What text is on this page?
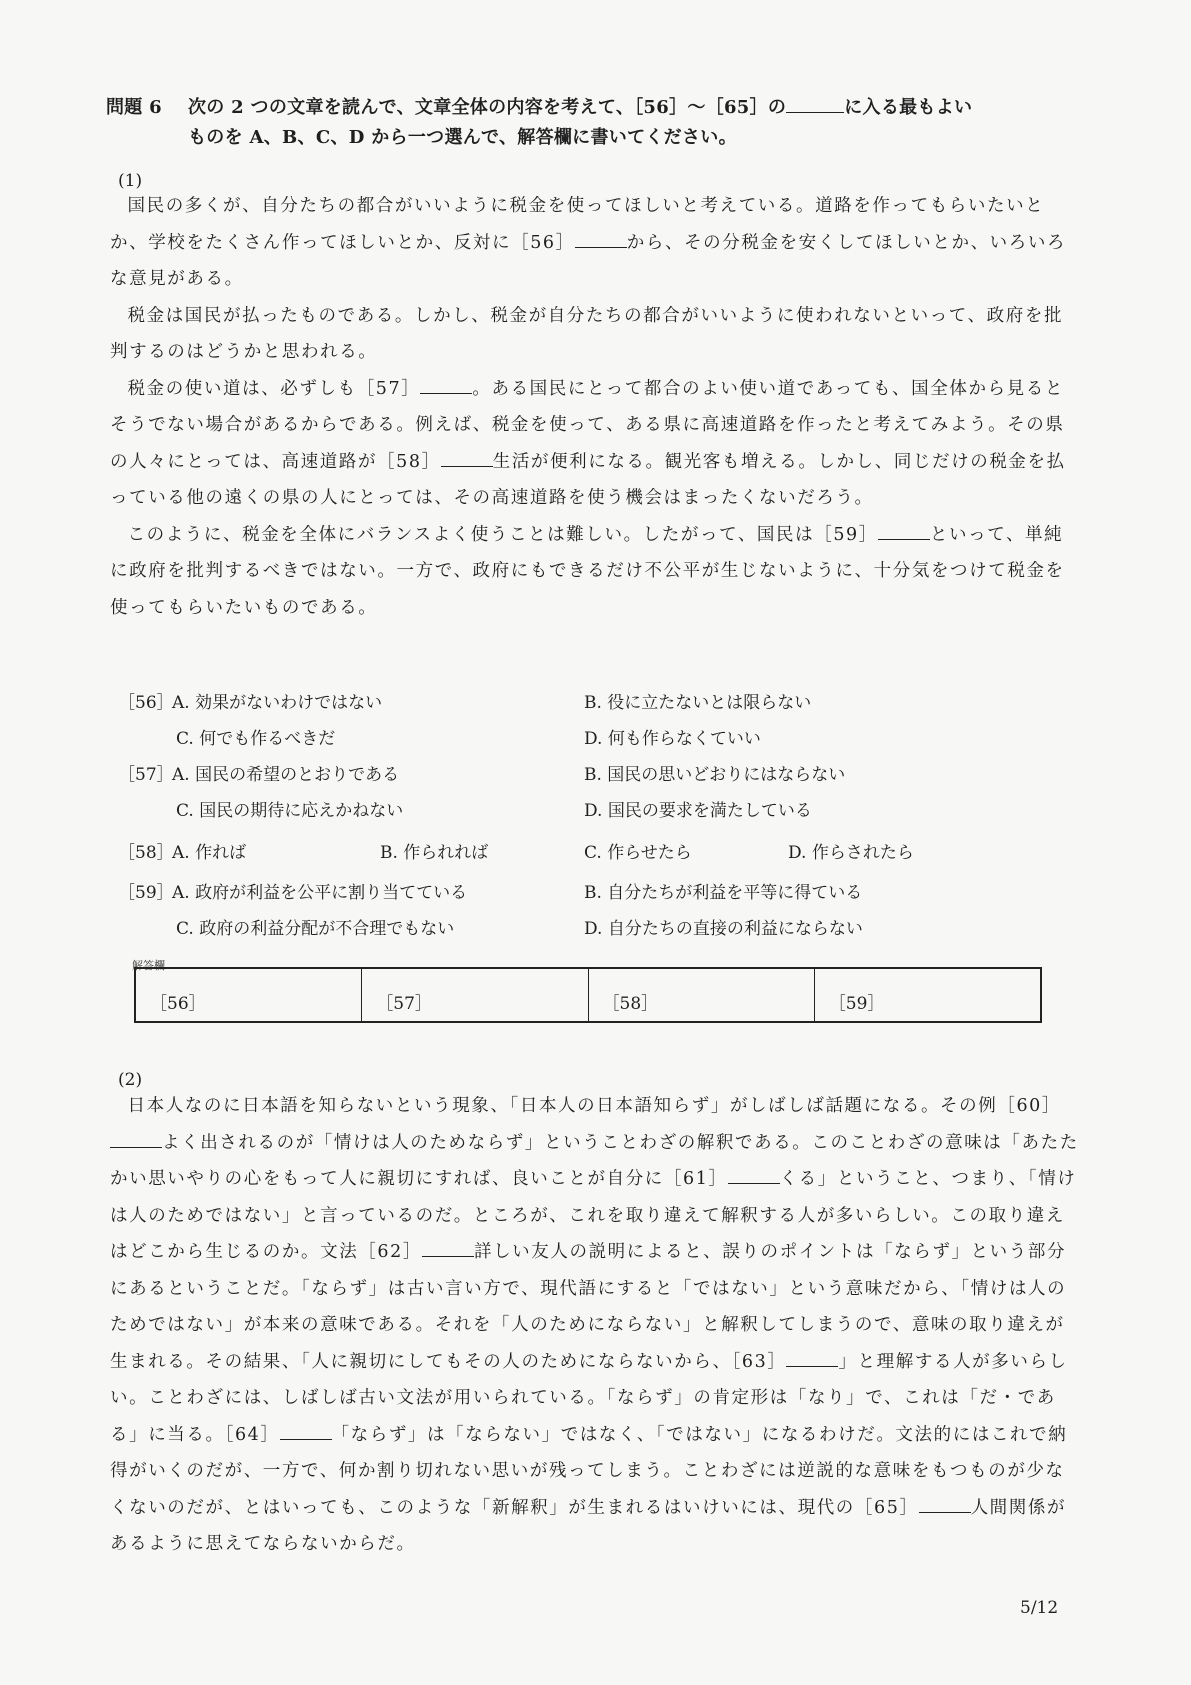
問題 6 次の 2 つの文章を読んで、文章全体の内容を考えて、［56］～［65］の	に入る最もよい
ものを A、B、C、D から一つ選んで、解答欄に書いてください。
(1)

国民の多くが、自分たちの都合がいいように税金を使ってほしいと考えている。道路を作ってもらいたいとか、学校をたくさん作ってほしいとか、反対に［56］	から、その分税金を安くしてほしいとか、いろいろな意見がある。

税金は国民が払ったものである。しかし、税金が自分たちの都合がいいように使われないといって、政府を批判するのはどうかと思われる。

税金の使い道は、必ずしも［57］	。ある国民にとって都合のよい使い道であっても、国全体から見るとそうでない場合があるからである。例えば、税金を使って、ある県に高速道路を作ったと考えてみよう。その県の人々にとっては、高速道路が［58］	生活が便利になる。観光客も増える。しかし、同じだけの税金を払っている他の遠くの県の人にとっては、その高速道路を使う機会はまったくないだろう。

このように、税金を全体にバランスよく使うことは難しい。したがって、国民は［59］	といって、単純に政府を批判するべきではない。一方で、政府にもできるだけ不公平が生じないように、十分気をつけて税金を使ってもらいたいものである。

［56］
A. 効果がないわけではない	B. 役に立たないとは限らない
C. 何でも作るべきだ	D. 何も作らなくていい
［57］
A. 国民の希望のとおりである	B. 国民の思いどおりにはならない
C. 国民の期待に応えかねない	D. 国民の要求を満たしている
［58］
A. 作れば	B. 作られれば	C. 作らせたら	D. 作らされたら
［59］
A. 政府が利益を公平に割り当てている	B. 自分たちが利益を平等に得ている
C. 政府の利益分配が不合理でもない	D. 自分たちの直接の利益にならない
解答欄
［56］	［57］	［58］	［59］
(2)

日本人なのに日本語を知らないという現象、「日本人の日本語知らず」がしばしば話題になる。その例［60］よく出されるのが「情けは人のためならず」ということわざの解釈である。このことわざの意味は「あたたかい思いやりの心をもって人に親切にすれば、良いことが自分に［61］	くる」ということ、つまり、「情けは人のためではない」と言っているのだ。ところが、これを取り違えて解釈する人が多いらしい。この取り違えはどこから生じるのか。文法［62］	詳しい友人の説明によると、誤りのポイントは「ならず」という部分にあるということだ。「ならず」は古い言い方で、現代語にすると「ではない」という意味だから、「情けは人のためではない」が本来の意味である。それを「人のためにならない」と解釈してしまうので、意味の取り違えが生まれる。その結果、「人に親切にしてもその人のためにならないから、［63］	」と理解する人が多いらしい。ことわざには、しばしば古い文法が用いられている。「ならず」の肯定形は「なり」で、これは「だ・である」に当る。［64］	「ならず」は「ならない」ではなく、「ではない」になるわけだ。文法的にはこれで納得がいくのだが、一方で、何か割り切れない思いが残ってしまう。ことわざには逆説的な意味をもつものが少なくないのだが、とはいっても、このような「新解釈」が生まれるはいけいには、現代の［65］	人間関係があるように思えてならないからだ。

5/12
